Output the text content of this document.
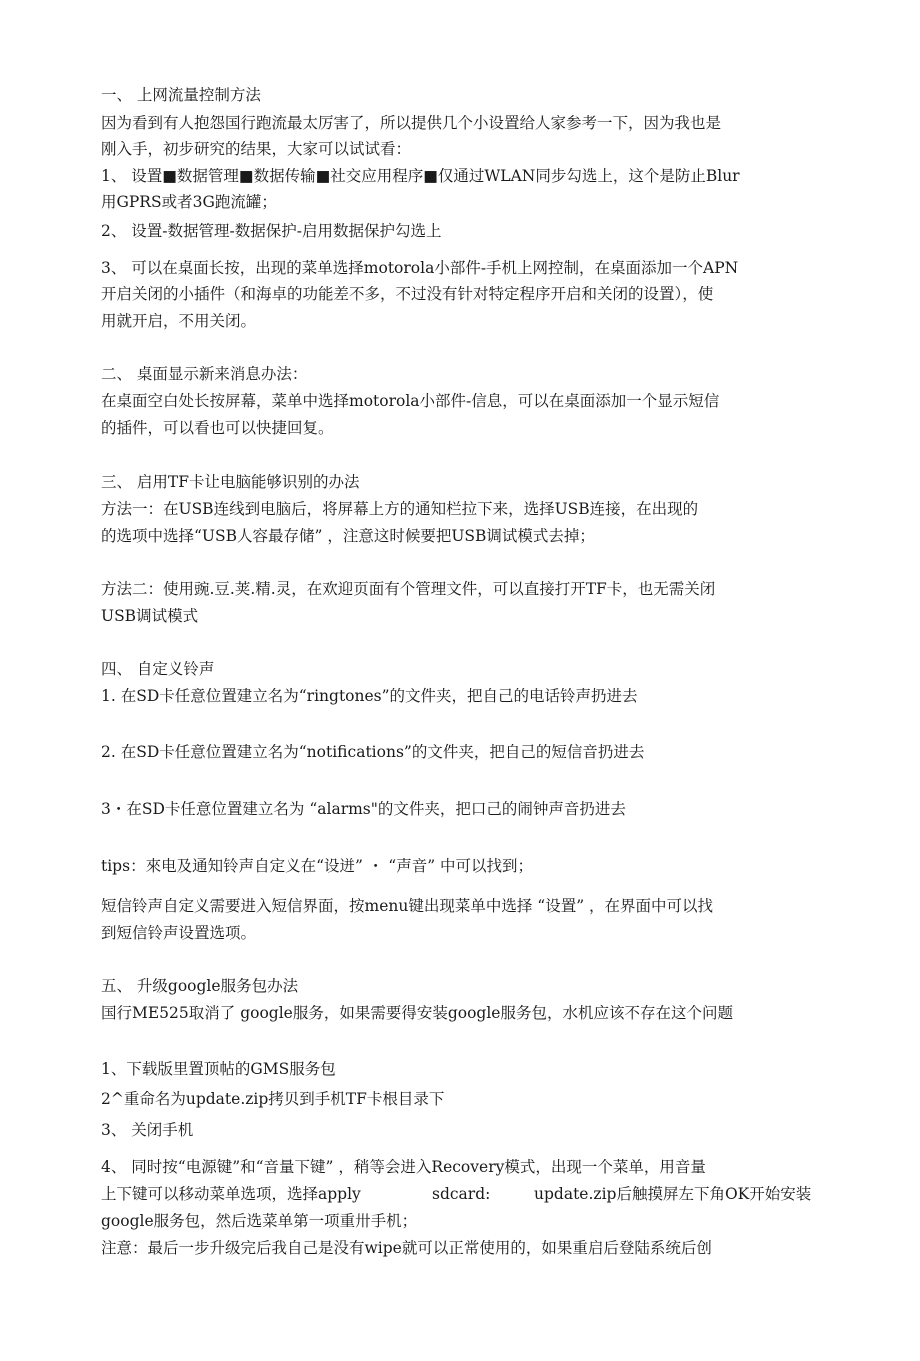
一、 上网流量控制方法

因为看到有人抱怨国行跑流最太厉害了，所以提供几个小设置给人家参考一下，因为我也是

刚入手，初步研究的结果，大家可以试试看：

1、 设置■数据管理■数据传输■社交应用程序■仅通过WLAN同步勾选上，这个是防止Blur

用GPRS或者3G跑流罐；

2、 设置-数据管理-数据保护-启用数据保护勾选上

3、 可以在桌面长按，出现的菜单选择motorola小部件-手机上网控制，在桌面添加一个APN

开启关闭的小插件（和海卓的功能差不多，不过没有针对特定程序开启和关闭的设置），使

用就开启，不用关闭。

二、 桌面显示新来消息办法：

在桌面空白处长按屏幕，菜单中选择motorola小部件-信息，可以在桌面添加一个显示短信

的插件，可以看也可以快捷回复。

三、 启用TF卡让电脑能够识别的办法

方法一：在USB连线到电脑后，将屏幕上方的通知栏拉下来，选择USB连接，在出现的

的选项中选择“USB人容最存储” ，注意这时候要把USB调试模式去掉；

方法二：使用豌.豆.荚.精.灵，在欢迎页面有个管理文件，可以直接打开TF卡，也无需关闭

USB调试模式

四、 自定义铃声

1. 在SD卡任意位置建立名为“ringtones”的文件夹，把自己的电话铃声扔进去

2. 在SD卡任意位置建立名为“notifications”的文件夹，把自己的短信音扔进去

3・在SD卡任意位置建立名为 “alarms"的文件夹，把口己的闹钟声音扔进去

tips：來电及通知铃声自定义在“设迸” ・ “声音” 中可以找到；

短信铃声自定义需要进入短信界面，按menu键出现菜单中选择 “设置” ，在界面中可以找

到短信铃声设置选项。

五、 升级google服务包办法

国行ME525取消了 google服务，如果需要得安装google服务包，水机应该不存在这个问题

1、下载版里置顶帖的GMS服务包

2^重命名为update.zip拷贝到手机TF卡根目录下

3、 关闭手机

4、 同时按“电源键”和“音量下键” ，稍等会进入Recovery模式，出现一个菜单，用音量

上下键可以移动菜单选项，选择apply	sdcard:	update.zip后触摸屏左下角OK开始安装

google服务包，然后选菜单第一项重卅手机；

注意：最后一步升级完后我自己是没有wipe就可以正常使用的，如果重启后登陆系统后创
